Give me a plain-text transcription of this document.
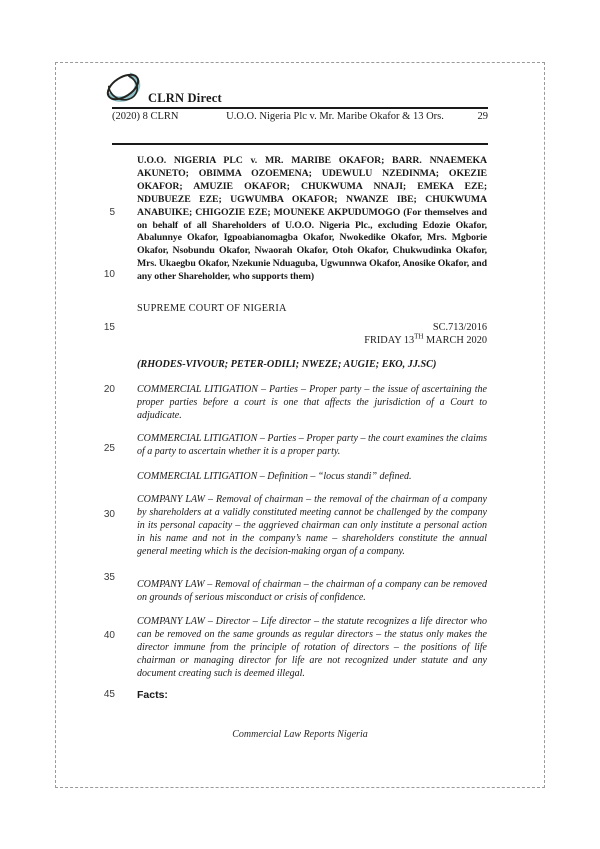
CLRN Direct
(2020) 8 CLRN	U.O.O. Nigeria Plc v. Mr. Maribe Okafor & 13 Ors.	29
5
10
15
20
25
30
35
40
45

U.O.O. NIGERIA PLC v. MR. MARIBE OKAFOR; BARR. NNAEMEKA AKUNETO; OBIMMA OZOEMENA; UDEWULU NZEDINMA; OKEZIE OKAFOR; AMUZIE OKAFOR; CHUKWUMA NNAJI; EMEKA EZE; NDUBUEZE EZE; UGWUMBA OKAFOR; NWANZE IBE; CHUKWUMA ANABUIKE; CHIGOZIE EZE; MOUNEKE AKPUDUMOGO (For themselves and on behalf of all Shareholders of U.O.O. Nigeria Plc., excluding Edozie Okafor, Abalunnye Okafor, Igpoabianomagba Okafor, Nwokedike Okafor, Mrs. Mgborie Okafor, Nsobundu Okafor, Nwaorah Okafor, Otoh Okafor, Chukwudinka Okafor, Mrs. Ukaegbu Okafor, Nzekunie Nduaguba, Ugwunnwa Okafor, Anosike Okafor, and any other Shareholder, who supports them)

SUPREME COURT OF NIGERIA

SC.713/2016
FRIDAY 13TH MARCH 2020

(RHODES-VIVOUR; PETER-ODILI; NWEZE; AUGIE; EKO, JJ.SC)

COMMERCIAL LITIGATION – Parties – Proper party – the issue of ascertaining the proper parties before a court is one that affects the jurisdiction of a Court to adjudicate.

COMMERCIAL LITIGATION – Parties – Proper party – the court examines the claims of a party to ascertain whether it is a proper party.

COMMERCIAL LITIGATION – Definition – “locus standi” defined.

COMPANY LAW – Removal of chairman – the removal of the chairman of a company by shareholders at a validly constituted meeting cannot be challenged by the company in its personal capacity – the aggrieved chairman can only institute a personal action in his name and not in the company’s name – shareholders constitute the annual general meeting which is the decision-making organ of a company.

COMPANY LAW – Removal of chairman – the chairman of a company can be removed on grounds of serious misconduct or crisis of confidence.

COMPANY LAW – Director – Life director – the statute recognizes a life director who can be removed on the same grounds as regular directors – the status only makes the director immune from the principle of rotation of directors – the positions of life chairman or managing director for life are not recognized under statute and any document creating such is deemed illegal.

Facts:

Commercial Law Reports Nigeria
